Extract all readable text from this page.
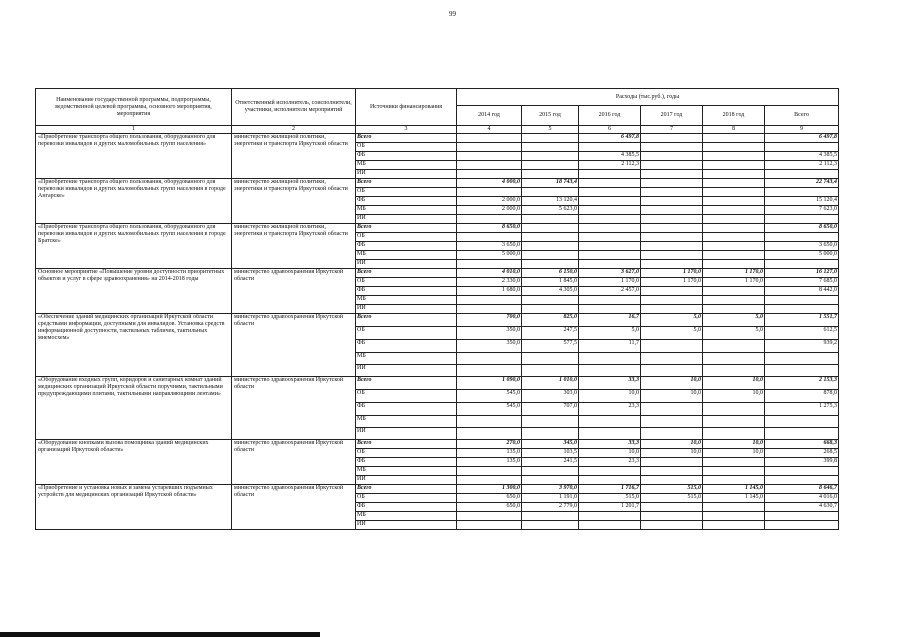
99
Наименование государственной программы, подпрограммы, ведомственной целевой программы, основного мероприятия, мероприятия	Ответственный исполнитель, соисполнители, участники, исполнители мероприятий	Источники финансирования	Расходы (тыс.руб.), годы					
			2014 год	2015 год	2016 год	2017 год	2018 год	Всего
1	2	3	4	5	6	7	8	9
«Приобретение транспорта общего пользования, оборудованного для перевозки инвалидов и других маломобильных групп населения»	министерство жилищной политики, энергетики и транспорта Иркутской области	Всего			6 497,8			6 497,8
		ОБ						
		ФБ			4 385,5			4 385,5
		МБ			2 112,3			2 112,3
		ИИ						
«Приобретение транспорта общего пользования, оборудованного для перевозки инвалидов и других маломобильных групп населения в городе Ангарске»	министерство жилищной политики, энергетики и транспорта Иркутской области	Всего	4 000,0	18 743,4				22 743,4
		ОБ						
		ФБ	2 000,0	13 120,4				15 120,4
		МБ	2 000,0	5 623,0				7 623,0
		ИИ						
«Приобретение транспорта общего пользования, оборудованного для перевозки инвалидов и других маломобильных групп населения в городе Братске»	министерство жилищной политики, энергетики и транспорта Иркутской области	Всего	8 650,0					8 650,0
		ОБ						
		ФБ	3 650,0					3 650,0
		МБ	5 000,0					5 000,0
		ИИ						
Основное мероприятие «Повышение уровня доступности приоритетных объектов и услуг в сфере здравоохранения» на 2014-2018 годы	министерство здравоохранения Иркутской области	Всего	4 010,0	6 150,0	3 627,0	1 170,0	1 170,0	16 127,0
		ОБ	2 330,0	1 845,0	1 170,0	1 170,0	1 170,0	7 685,0
		ФБ	1 680,0	4 305,0	2 457,0			8 442,0
		МБ						
		ИИ						
«Обеспечение зданий медицинских организаций Иркутской области средствами информации, доступными для инвалидов. Установка средств информационной доступности, тактильных табличек, тактильных мнемосхем»	министерство здравоохранения Иркутской области	Всего	700,0	825,0	16,7	5,0	5,0	1 551,7
		ОБ	350,0	247,5	5,0	5,0	5,0	612,5
		ФБ	350,0	577,5	11,7			939,2
		МБ						
		ИИ						
«Оборудование входных групп, коридоров и санитарных комнат зданий медицинских организаций Иркутской области поручнями, тактильными предупреждающими плитами, тактильными направляющими лентами»	министерство здравоохранения Иркутской области	Всего	1 090,0	1 010,0	33,3	10,0	10,0	2 153,3
		ОБ	545,0	303,0	10,0	10,0	10,0	878,0
		ФБ	545,0	707,0	23,3			1 275,3
		МБ						
		ИИ						
«Оборудование кнопками вызова помощника зданий медицинских организаций Иркутской области»	министерство здравоохранения Иркутской области	Всего	270,0	345,0	33,3	10,0	10,0	668,3
		ОБ	135,0	103,5	10,0	10,0	10,0	268,5
		ФБ	135,0	241,5	23,3			399,8
		МБ						
		ИИ						
«Приобретение и установка новых и замена устаревших подъемных устройств для медицинских организаций Иркутской области»	министерство здравоохранения Иркутской области	Всего	1 300,0	3 970,0	1 716,7	515,0	1 145,0	8 646,7
		ОБ	650,0	1 191,0	515,0	515,0	1 145,0	4 016,0
		ФБ	650,0	2 779,0	1 201,7			4 630,7
		МБ						
		ИИ						
